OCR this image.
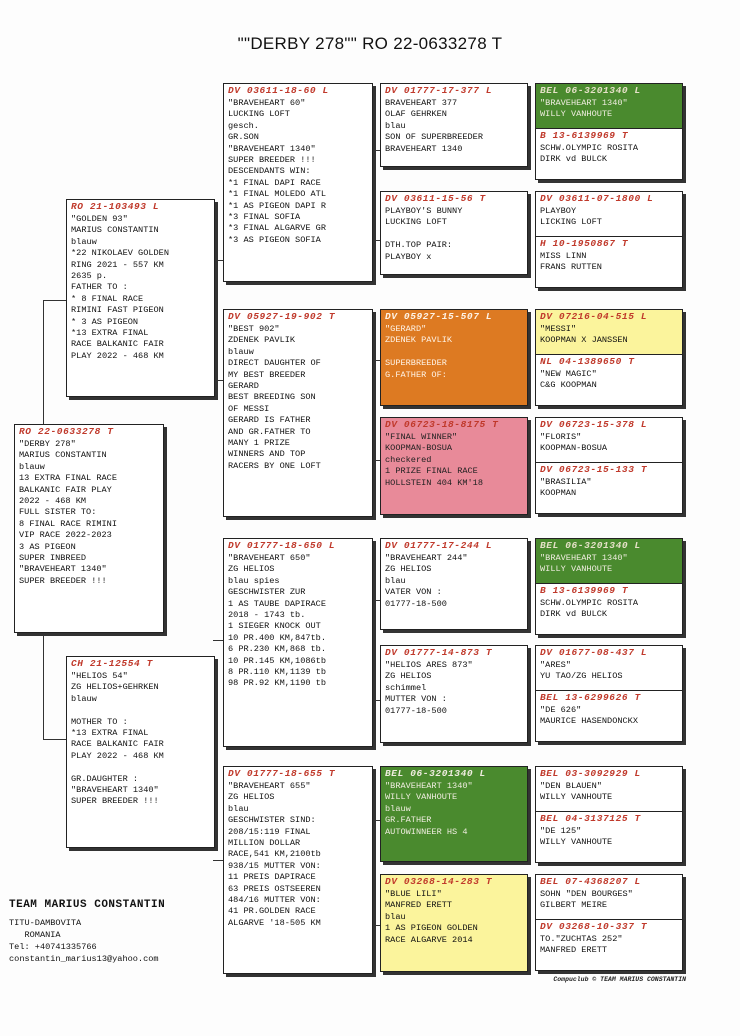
""DERBY 278"" RO 22-0633278 T
RO 22-0633278 T
"DERBY 278"
MARIUS CONSTANTIN
blauw
13 EXTRA FINAL RACE
BALKANIC FAIR PLAY
2022 - 468 KM
FULL SISTER TO:
8 FINAL RACE RIMINI
VIP RACE 2022-2023
3 AS PIGEON
SUPER INBREED
"BRAVEHEART 1340"
SUPER BREEDER !!!
RO 21-103493 L
"GOLDEN 93"
MARIUS CONSTANTIN
blauw
*22 NIKOLAEV GOLDEN
RING 2021 - 557 KM
2635 p.
FATHER TO :
* 8 FINAL RACE
RIMINI FAST PIGEON
* 3 AS PIGEON
*13 EXTRA FINAL
RACE BALKANIC FAIR
PLAY 2022 - 468 KM
CH 21-12554 T
"HELIOS 54"
ZG HELIOS+GEHRKEN
blauw

MOTHER TO :
*13 EXTRA FINAL
RACE BALKANIC FAIR
PLAY 2022 - 468 KM

GR.DAUGHTER :
"BRAVEHEART 1340"
SUPER BREEDER !!!
DV 03611-18-60 L
"BRAVEHEART 60"
LUCKING LOFT
gesch.
GR.SON
"BRAVEHEART 1340"
SUPER BREEDER !!!
DESCENDANTS WIN:
*1 FINAL DAPI RACE
*1 FINAL MOLEDO ATL
*1 AS PIGEON DAPI R
*3 FINAL SOFIA
*3 FINAL ALGARVE GR
*3 AS PIGEON SOFIA
DV 05927-19-902 T
"BEST 902"
ZDENEK PAVLIK
blauw
DIRECT DAUGHTER OF
MY BEST BREEDER
GERARD
BEST BREEDING SON
OF MESSI
GERARD IS FATHER
AND GR.FATHER TO
MANY 1 PRIZE
WINNERS AND TOP
RACERS BY ONE LOFT
DV 01777-18-650 L
"BRAVEHEART 650"
ZG HELIOS
blau spies
GESCHWISTER ZUR
1 AS TAUBE DAPIRACE
2018 - 1743 tb.
1 SIEGER KNOCK OUT
10 PR.400 KM,847tb.
6 PR.230 KM,868 tb.
10 PR.145 KM,1086tb
8 PR.110 KM,1139 tb
98 PR.92 KM,1190 tb
DV 01777-18-655 T
"BRAVEHEART 655"
ZG HELIOS
blau
GESCHWISTER SIND:
208/15:119 FINAL
MILLION DOLLAR
RACE,541 KM,2100tb
938/15 MUTTER VON:
11 PREIS DAPIRACE
63 PREIS OSTSEEREN
484/16 MUTTER VON:
41 PR.GOLDEN RACE
ALGARVE '18-505 KM
DV 01777-17-377 L
BRAVEHEART 377
OLAF GEHRKEN
blau
SON OF SUPERBREEDER
BRAVEHEART 1340
DV 03611-15-56 T
PLAYBOY'S BUNNY
LUCKING LOFT

DTH.TOP PAIR:
PLAYBOY x
DV 05927-15-507 L
"GERARD"
ZDENEK PAVLIK

SUPERBREEDER
G.FATHER OF:
DV 06723-18-8175 T
"FINAL WINNER"
KOOPMAN-BOSUA
checkered
1 PRIZE FINAL RACE
HOLLSTEIN 404 KM'18
DV 01777-17-244 L
"BRAVEHEART 244"
ZG HELIOS
blau
VATER VON :
01777-18-500
DV 01777-14-873 T
"HELIOS ARES 873"
ZG HELIOS
schimmel
MUTTER VON :
01777-18-500
BEL 06-3201340 L
"BRAVEHEART 1340"
WILLY VANHOUTE
blauw
GR.FATHER
AUTOWINNEER HS 4
DV 03268-14-283 T
"BLUE LILI"
MANFRED ERETT
blau
1 AS PIGEON GOLDEN
RACE ALGARVE 2014
BEL 06-3201340 L
"BRAVEHEART 1340"
WILLY VANHOUTE
B 13-6139969 T
SCHW.OLYMPIC ROSITA
DIRK vd BULCK
DV 03611-07-1800 L
PLAYBOY
LICKING LOFT
H 10-1950867 T
MISS LINN
FRANS RUTTEN
DV 07216-04-515 L
"MESSI"
KOOPMAN X JANSSEN
NL 04-1389650 T
"NEW MAGIC"
C&G KOOPMAN
DV 06723-15-378 L
"FLORIS"
KOOPMAN-BOSUA
DV 06723-15-133 T
"BRASILIA"
KOOPMAN
BEL 06-3201340 L
"BRAVEHEART 1340"
WILLY VANHOUTE
B 13-6139969 T
SCHW.OLYMPIC ROSITA
DIRK vd BULCK
DV 01677-08-437 L
"ARES"
YU TAO/ZG HELIOS
BEL 13-6299626 T
"DE 626"
MAURICE HASENDONCKX
BEL 03-3092929 L
"DEN BLAUEN"
WILLY VANHOUTE
BEL 04-3137125 T
"DE 125"
WILLY VANHOUTE
BEL 07-4368207 L
SOHN "DEN BOURGES"
GILBERT MEIRE
DV 03268-10-337 T
TO."ZUCHTAS 252"
MANFRED ERETT
TEAM MARIUS CONSTANTIN
TITU-DAMBOVITA
ROMANIA
Tel: +40741335766
constantin_marius13@yahoo.com
Compuclub © TEAM MARIUS CONSTANTIN
